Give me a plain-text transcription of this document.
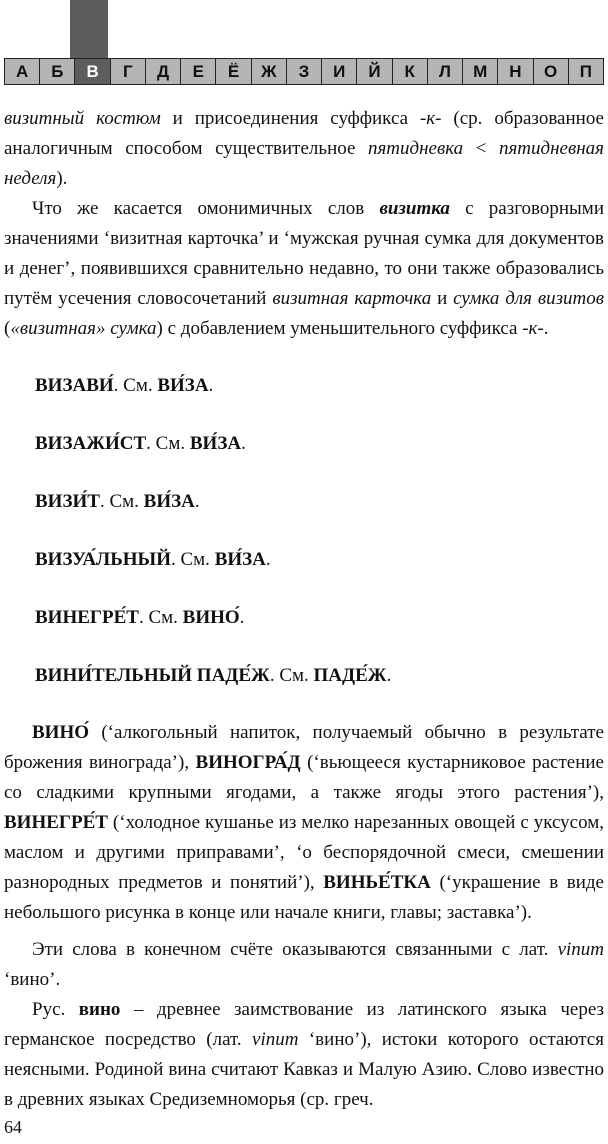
А	Б	В	Г	Д	Е	Ё	Ж	З	И	Й	К	Л	М	Н	О	П

визитный костюм и присоединения суффикса -к- (ср. образованное аналогичным способом существительное пятидневка < пятидневная неделя).

Что же касается омонимичных слов визитка с разговорными значениями ‘визитная карточка’ и ‘мужская ручная сумка для документов и денег’, появившихся сравнительно недавно, то они также образовались путём усечения словосочетаний визитная карточка и сумка для визитов («визитная» сумка) с добавлением уменьшительного суффикса -к-.

ВИЗАВИ́. См. ВИ́ЗА.

ВИЗАЖИ́СТ. См. ВИ́ЗА.

ВИЗИ́Т. См. ВИ́ЗА.

ВИЗУА́ЛЬНЫЙ. См. ВИ́ЗА.

ВИНЕГРЕ́Т. См. ВИНО́.

ВИНИ́ТЕЛЬНЫЙ ПАДЕ́Ж. См. ПАДЕ́Ж.

ВИНО́ (‘алкогольный напиток, получаемый обычно в результате брожения винограда’), ВИНОГРА́Д (‘вьющееся кустарниковое растение со сладкими крупными ягодами, а также ягоды этого растения’), ВИНЕГРЕ́Т (‘холодное кушанье из мелко нарезанных овощей с уксусом, маслом и другими приправами’, ‘о беспорядочной смеси, смешении разнородных предметов и понятий’), ВИНЬЕ́ТКА (‘украшение в виде небольшого рисунка в конце или начале книги, главы; заставка’).

Эти слова в конечном счёте оказываются связанными с лат. vinum ‘вино’.

Рус. вино – древнее заимствование из латинского языка через германское посредство (лат. vinum ‘вино’), истоки которого остаются неясными. Родиной вина считают Кавказ и Малую Азию. Слово известно в древних языках Средиземноморья (ср. греч.

64
